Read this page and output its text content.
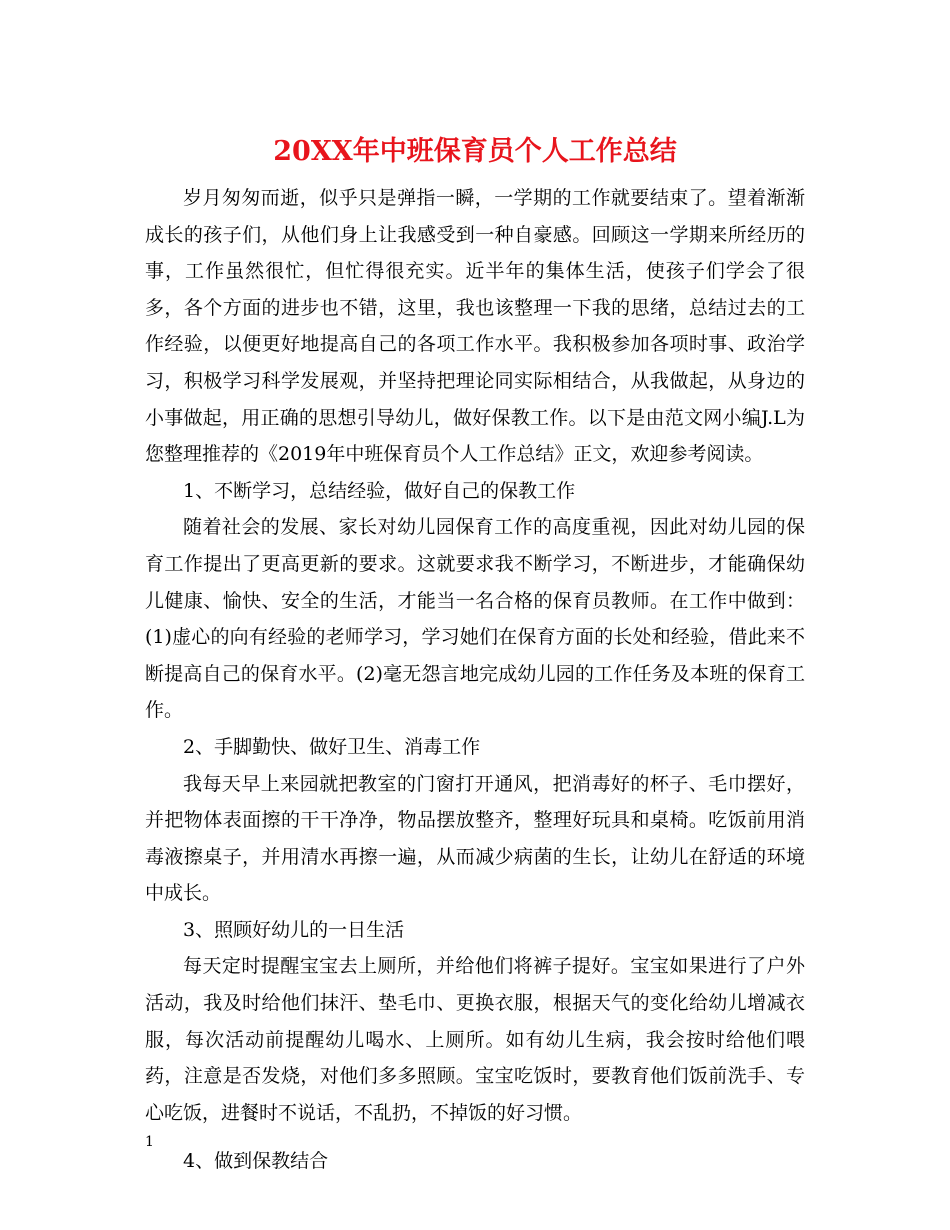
20XX年中班保育员个人工作总结

岁月匆匆而逝，似乎只是弹指一瞬，一学期的工作就要结束了。望着渐渐成长的孩子们，从他们身上让我感受到一种自豪感。回顾这一学期来所经历的事，工作虽然很忙，但忙得很充实。近半年的集体生活，使孩子们学会了很多，各个方面的进步也不错，这里，我也该整理一下我的思绪，总结过去的工作经验，以便更好地提高自己的各项工作水平。我积极参加各项时事、政治学习，积极学习科学发展观，并坚持把理论同实际相结合，从我做起，从身边的小事做起，用正确的思想引导幼儿，做好保教工作。以下是由范文网小编J.L为您整理推荐的《2019年中班保育员个人工作总结》正文，欢迎参考阅读。

1、不断学习，总结经验，做好自己的保教工作

随着社会的发展、家长对幼儿园保育工作的高度重视，因此对幼儿园的保育工作提出了更高更新的要求。这就要求我不断学习，不断进步，才能确保幼儿健康、愉快、安全的生活，才能当一名合格的保育员教师。在工作中做到：(1)虚心的向有经验的老师学习，学习她们在保育方面的长处和经验，借此来不断提高自己的保育水平。(2)毫无怨言地完成幼儿园的工作任务及本班的保育工作。

2、手脚勤快、做好卫生、消毒工作

我每天早上来园就把教室的门窗打开通风，把消毒好的杯子、毛巾摆好，并把物体表面擦的干干净净，物品摆放整齐，整理好玩具和桌椅。吃饭前用消毒液擦桌子，并用清水再擦一遍，从而减少病菌的生长，让幼儿在舒适的环境中成长。

3、照顾好幼儿的一日生活

每天定时提醒宝宝去上厕所，并给他们将裤子提好。宝宝如果进行了户外活动，我及时给他们抹汗、垫毛巾、更换衣服，根据天气的变化给幼儿增减衣服，每次活动前提醒幼儿喝水、上厕所。如有幼儿生病，我会按时给他们喂药，注意是否发烧，对他们多多照顾。宝宝吃饭时，要教育他们饭前洗手、专心吃饭，进餐时不说话，不乱扔，不掉饭的好习惯。

4、做到保教结合

1
